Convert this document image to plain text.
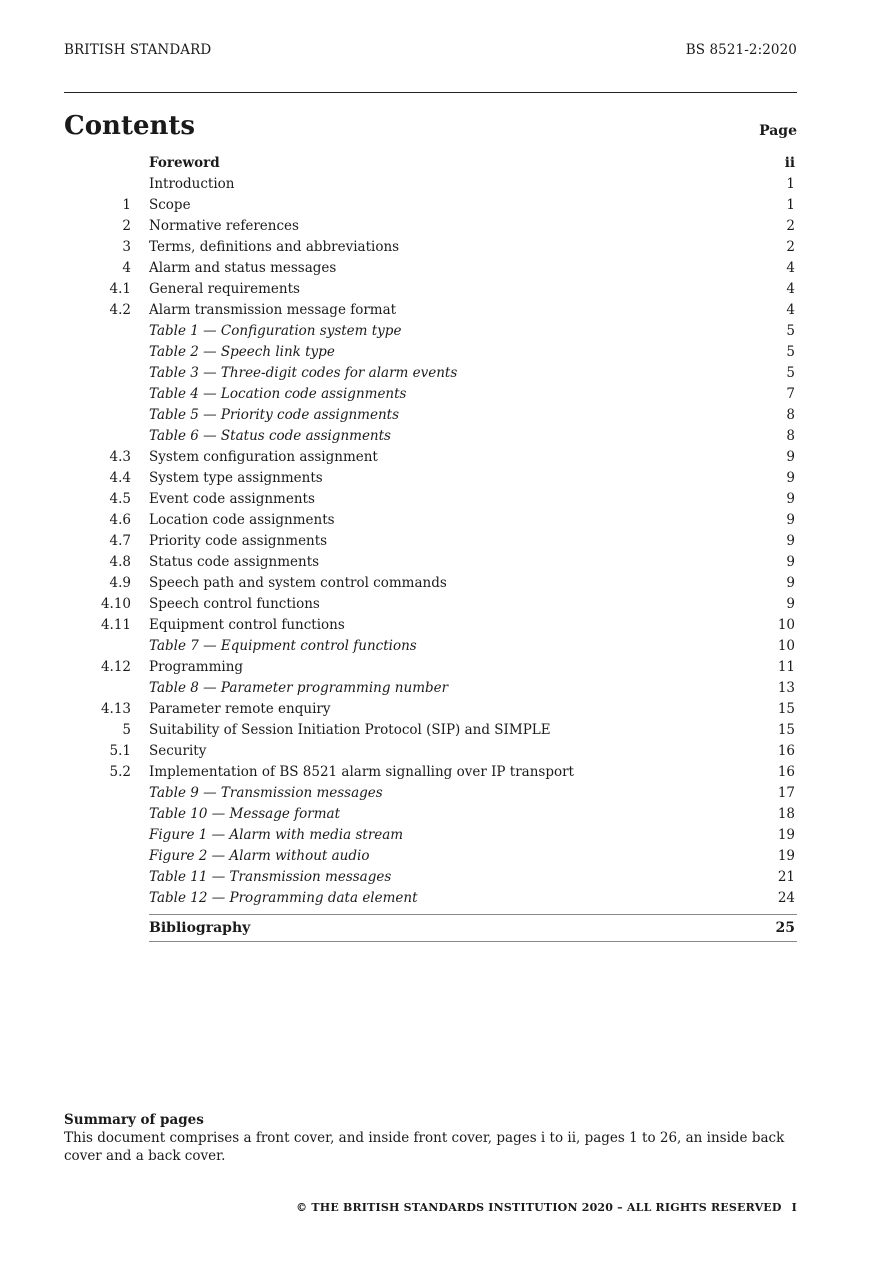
BRITISH STANDARD	BS 8521-2:2020
Contents	Page
Foreword	ii
Introduction	1
1 Scope	1
2 Normative references	2
3 Terms, definitions and abbreviations	2
4 Alarm and status messages	4
4.1 General requirements	4
4.2 Alarm transmission message format	4
Table 1 — Configuration system type	5
Table 2 — Speech link type	5
Table 3 — Three-digit codes for alarm events	5
Table 4 — Location code assignments	7
Table 5 — Priority code assignments	8
Table 6 — Status code assignments	8
4.3 System configuration assignment	9
4.4 System type assignments	9
4.5 Event code assignments	9
4.6 Location code assignments	9
4.7 Priority code assignments	9
4.8 Status code assignments	9
4.9 Speech path and system control commands	9
4.10 Speech control functions	9
4.11 Equipment control functions	10
Table 7 — Equipment control functions	10
4.12 Programming	11
Table 8 — Parameter programming number	13
4.13 Parameter remote enquiry	15
5 Suitability of Session Initiation Protocol (SIP) and SIMPLE	15
5.1 Security	16
5.2 Implementation of BS 8521 alarm signalling over IP transport	16
Table 9 — Transmission messages	17
Table 10 — Message format	18
Figure 1 — Alarm with media stream	19
Figure 2 — Alarm without audio	19
Table 11 — Transmission messages	21
Table 12 — Programming data element	24
Bibliography	25
Summary of pages
This document comprises a front cover, and inside front cover, pages i to ii, pages 1 to 26, an inside back cover and a back cover.
© THE BRITISH STANDARDS INSTITUTION 2020 – ALL RIGHTS RESERVED I
